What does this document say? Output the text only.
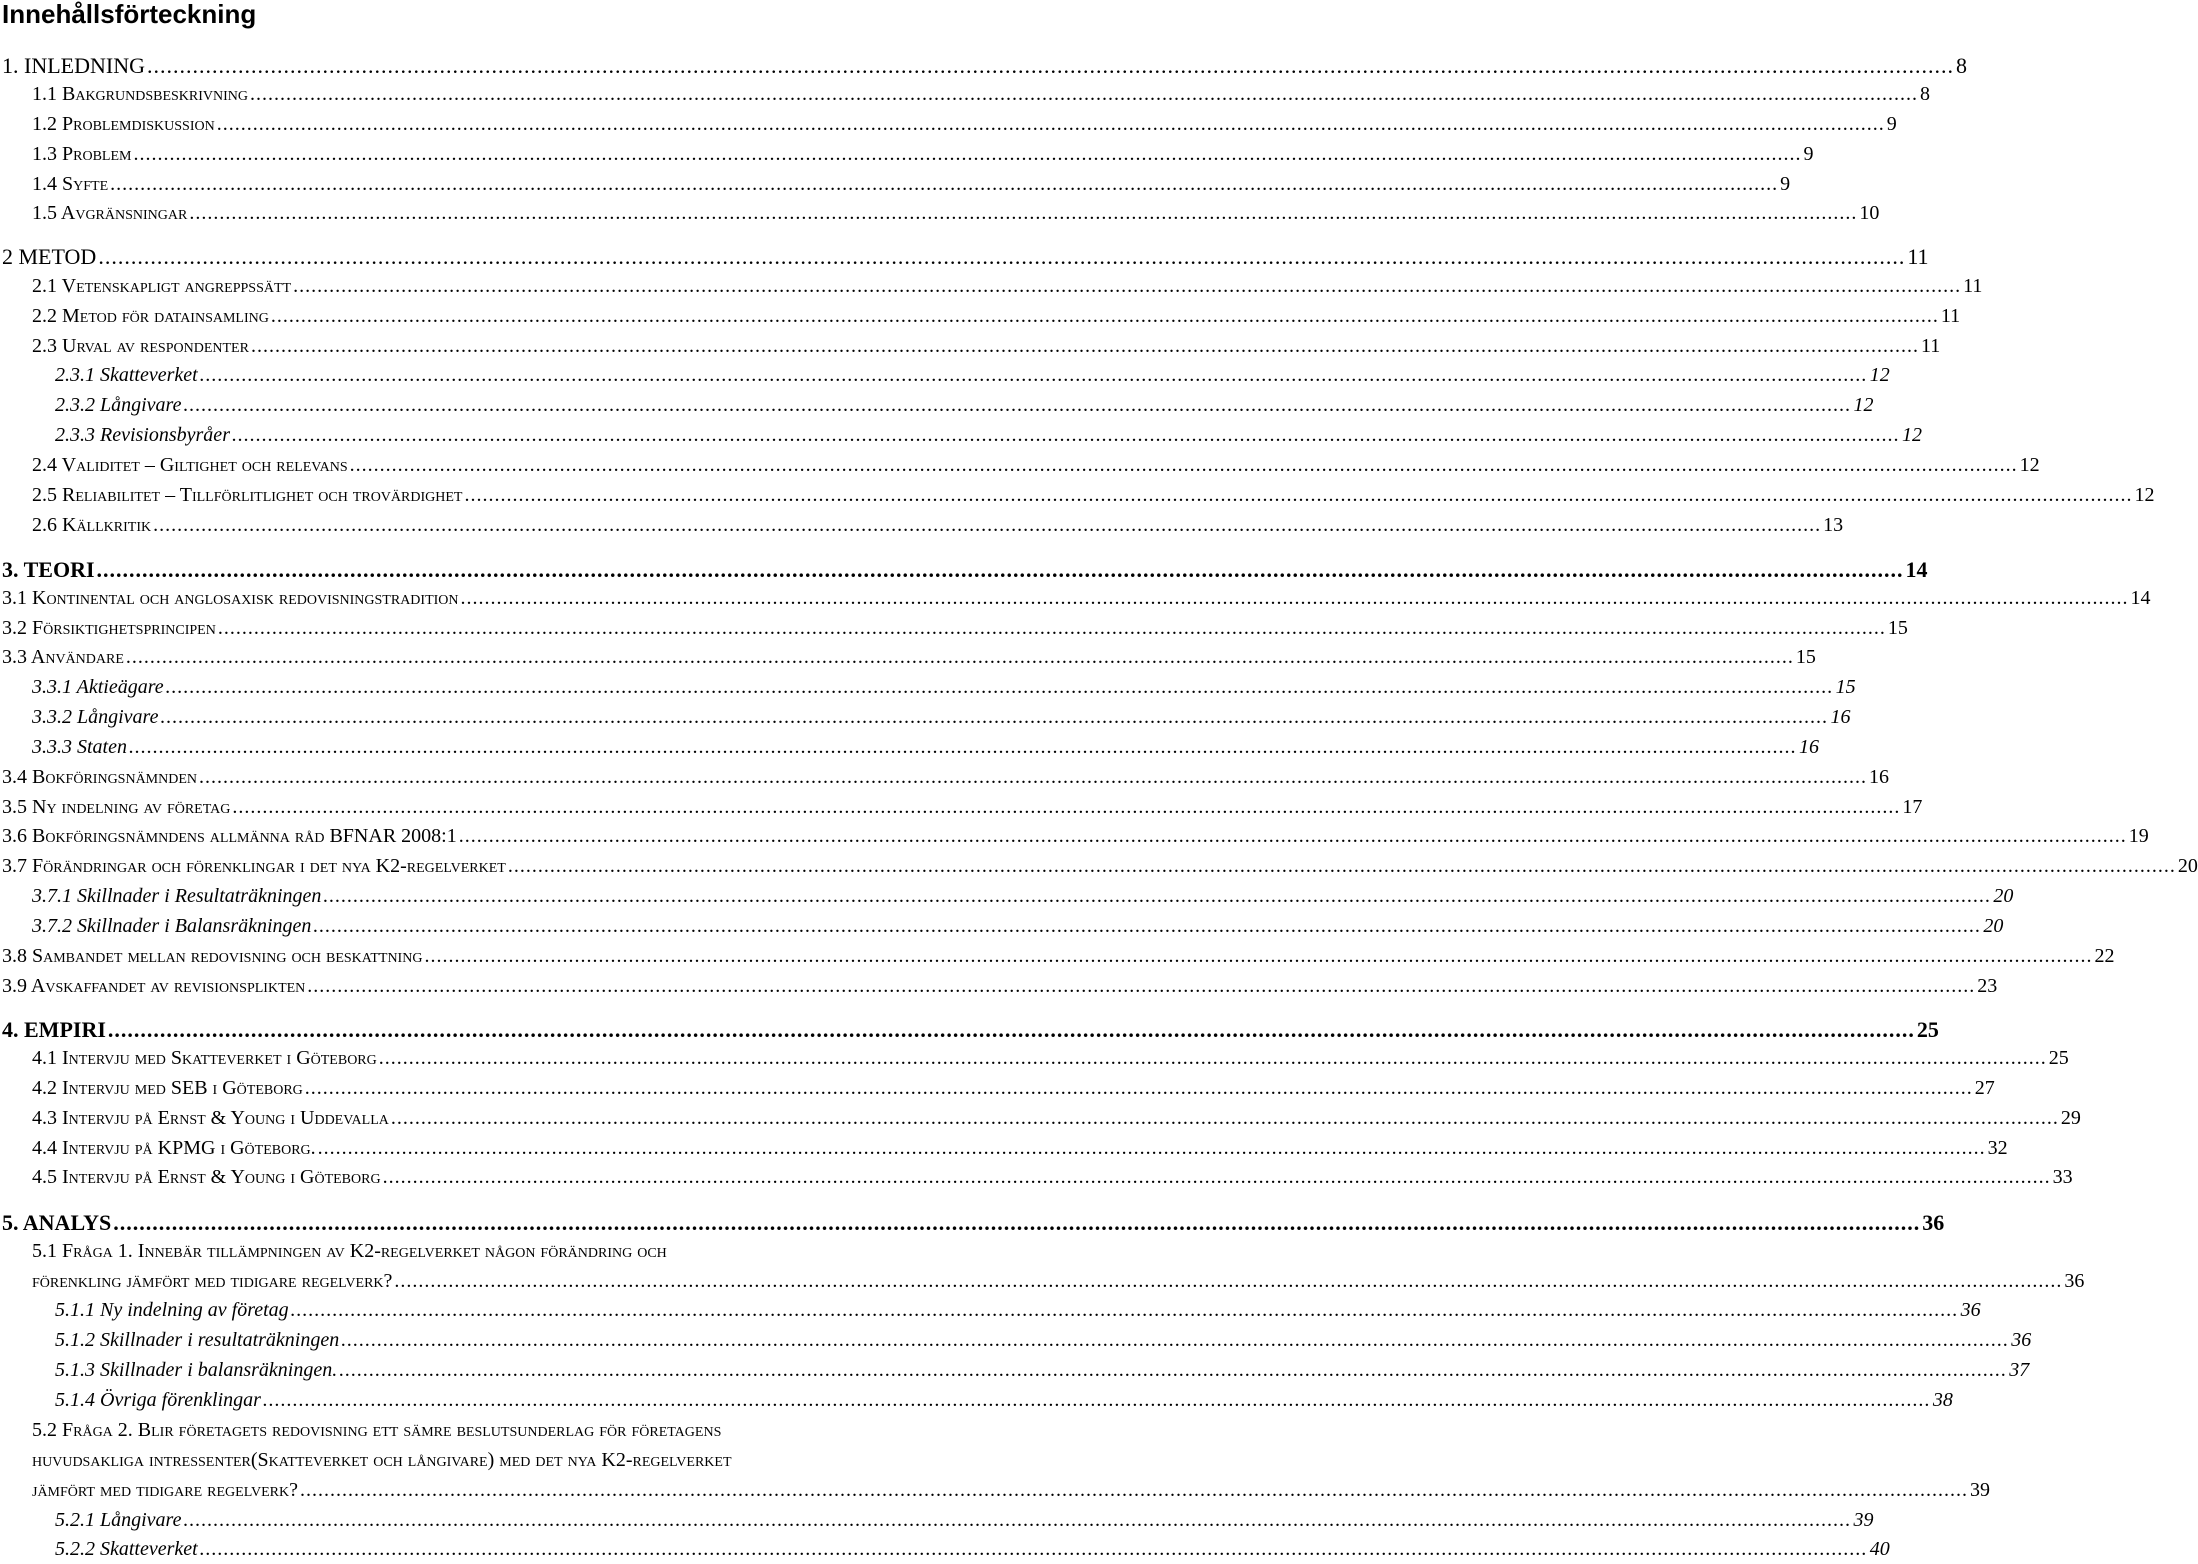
Innehållsförteckning
1. INLEDNING .....	8
1.1 Bakgrundsbeskrivning .....	8
1.2 Problemdiskussion .....	9
1.3 Problem .....	9
1.4 Syfte .....	9
1.5 Avgränsningar .....	10
2 METOD .....	11
2.1 Vetenskapligt angreppssätt .....	11
2.2 Metod för datainsamling .....	11
2.3 Urval av respondenter .....	11
2.3.1 Skatteverket .....	12
2.3.2 Långivare .....	12
2.3.3 Revisionsbyråer .....	12
2.4 Validitet – Giltighet och relevans .....	12
2.5 Reliabilitet – Tillförlitlighet och trovärdighet .....	12
2.6 Källkritik .....	13
3. TEORI .....	14
3.1 Kontinental och anglosaxisk redovisningstradition .....	14
3.2 Försiktighetsprincipen .....	15
3.3 Användare .....	15
3.3.1 Aktieägare .....	15
3.3.2 Långivare .....	16
3.3.3 Staten .....	16
3.4 Bokföringsnämnden .....	16
3.5 Ny indelning av företag .....	17
3.6 Bokföringsnämndens allmänna råd BFNAR 2008:1 .....	19
3.7 Förändringar och förenklingar i det nya K2-regelverket .....	20
3.7.1 Skillnader i Resultaträkningen .....	20
3.7.2 Skillnader i Balansräkningen .....	20
3.8 Sambandet mellan redovisning och beskattning .....	22
3.9 Avskaffandet av revisionsplikten .....	23
4. EMPIRI .....	25
4.1 Intervju med Skatteverket i Göteborg .....	25
4.2 Intervju med SEB i Göteborg .....	27
4.3 Intervju på Ernst & Young i Uddevalla .....	29
4.4 Intervju på KPMG i Göteborg. .....	32
4.5 Intervju på Ernst & Young i Göteborg .....	33
5. ANALYS .....	36
5.1 Fråga 1. Innebär tillämpningen av K2-regelverket någon förändring och
förenkling jämfört med tidigare regelverk? .....	36
5.1.1 Ny indelning av företag .....	36
5.1.2 Skillnader i resultaträkningen .....	36
5.1.3 Skillnader i balansräkningen. .....	37
5.1.4 Övriga förenklingar .....	38
5.2 Fråga 2. Blir företagets redovisning ett sämre beslutsunderlag för företagens
huvudsakliga intressenter(Skatteverket och långivare) med det nya K2-regelverket
jämfört med tidigare regelverk? .....	39
5.2.1 Långivare .....	39
5.2.2 Skatteverket .....	40
